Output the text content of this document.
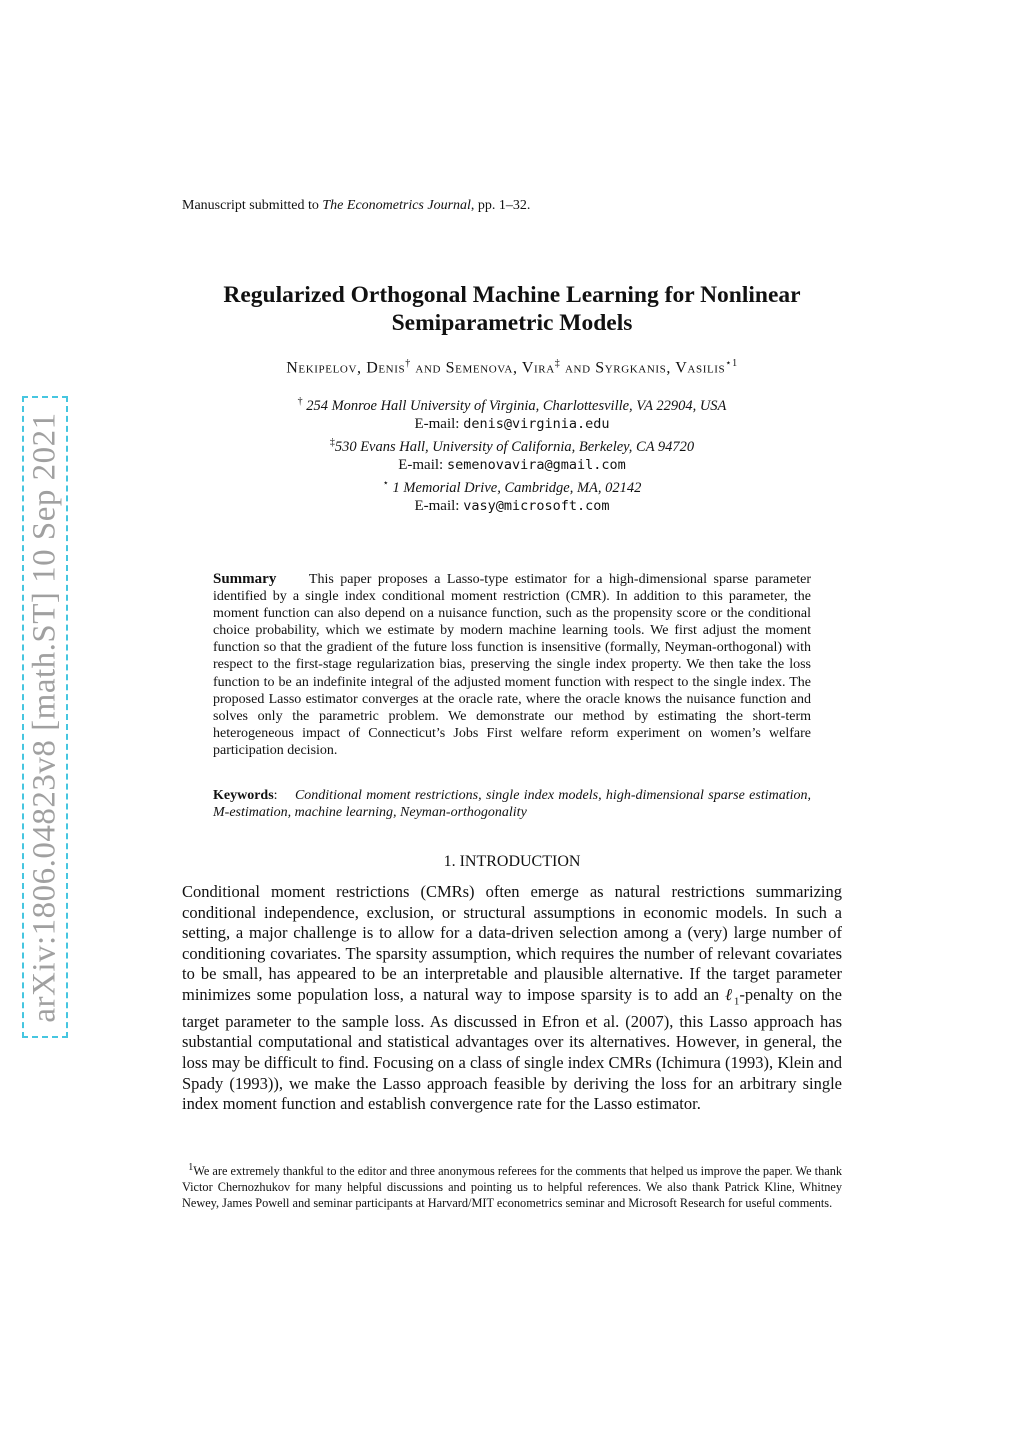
arXiv:1806.04823v8 [math.ST] 10 Sep 2021
Manuscript submitted to The Econometrics Journal, pp. 1–32.
Regularized Orthogonal Machine Learning for Nonlinear
Semiparametric Models
Nekipelov, Denis† and Semenova, Vira‡ and Syrgkanis, Vasilis$^{⋆1}$
† 254 Monroe Hall University of Virginia, Charlottesville, VA 22904, USA
E-mail: denis@virginia.edu
‡530 Evans Hall, University of California, Berkeley, CA 94720
E-mail: semenovavira@gmail.com
⋆ 1 Memorial Drive, Cambridge, MA, 02142
E-mail: vasy@microsoft.com
Summary This paper proposes a Lasso-type estimator for a high-dimensional sparse parameter identified by a single index conditional moment restriction (CMR). In addition to this parameter, the moment function can also depend on a nuisance function, such as the propensity score or the conditional choice probability, which we estimate by modern machine learning tools. We first adjust the moment function so that the gradient of the future loss function is insensitive (formally, Neyman-orthogonal) with respect to the first-stage regularization bias, preserving the single index property. We then take the loss function to be an indefinite integral of the adjusted moment function with respect to the single index. The proposed Lasso estimator converges at the oracle rate, where the oracle knows the nuisance function and solves only the parametric problem. We demonstrate our method by estimating the short-term heterogeneous impact of Connecticut’s Jobs First welfare reform experiment on women’s welfare participation decision.
Keywords:    Conditional moment restrictions, single index models, high-dimensional sparse estimation, M-estimation, machine learning, Neyman-orthogonality
1. INTRODUCTION
Conditional moment restrictions (CMRs) often emerge as natural restrictions summarizing conditional independence, exclusion, or structural assumptions in economic models. In such a setting, a major challenge is to allow for a data-driven selection among a (very) large number of conditioning covariates. The sparsity assumption, which requires the number of relevant covariates to be small, has appeared to be an interpretable and plausible alternative. If the target parameter minimizes some population loss, a natural way to impose sparsity is to add an ℓ$_1$-penalty on the target parameter to the sample loss. As discussed in Efron et al. (2007), this Lasso approach has substantial computational and statistical advantages over its alternatives. However, in general, the loss may be difficult to find. Focusing on a class of single index CMRs (Ichimura (1993), Klein and Spady (1993)), we make the Lasso approach feasible by deriving the loss for an arbitrary single index moment function and establish convergence rate for the Lasso estimator.
$^1$We are extremely thankful to the editor and three anonymous referees for the comments that helped us improve the paper. We thank Victor Chernozhukov for many helpful discussions and pointing us to helpful references. We also thank Patrick Kline, Whitney Newey, James Powell and seminar participants at Harvard/MIT econometrics seminar and Microsoft Research for useful comments.
